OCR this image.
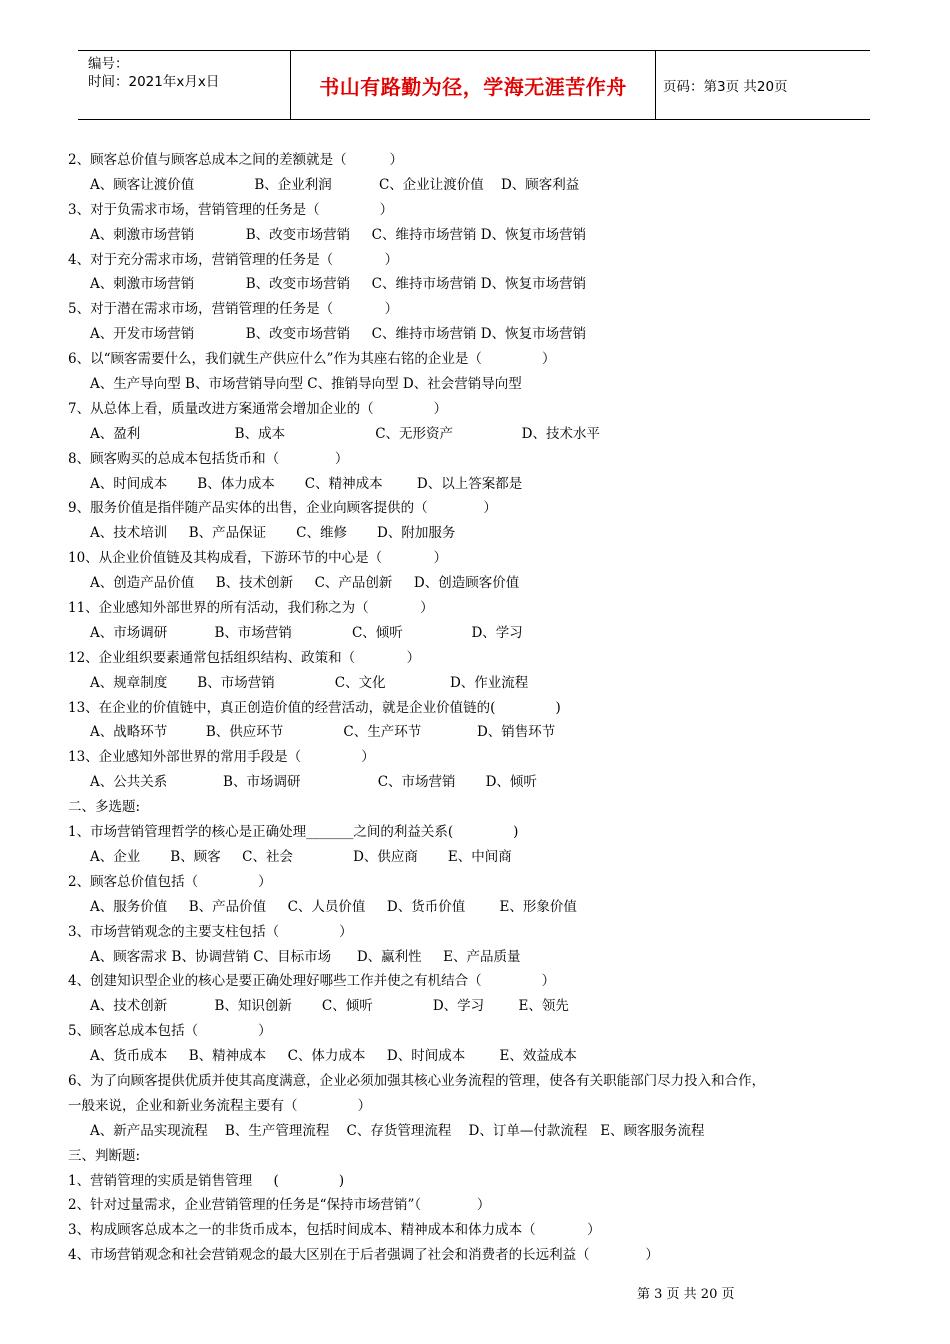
编号：
时间：2021年x月x日	书山有路勤为径，学海无涯苦作舟	页码：第3页 共20页
2、顾客总价值与顾客总成本之间的差额就是（          ）
A、顾客让渡价值              B、企业利润           C、企业让渡价值    D、顾客利益
3、对于负需求市场，营销管理的任务是（              ）
A、刺激市场营销            B、改变市场营销     C、维持市场营销 D、恢复市场营销
4、对于充分需求市场，营销管理的任务是（            ）
A、刺激市场营销            B、改变市场营销     C、维持市场营销 D、恢复市场营销
5、对于潜在需求市场，营销管理的任务是（            ）
A、开发市场营销            B、改变市场营销     C、维持市场营销 D、恢复市场营销
6、以“顾客需要什么，我们就生产供应什么”作为其座右铭的企业是（              ）
A、生产导向型 B、市场营销导向型 C、推销导向型 D、社会营销导向型
7、从总体上看，质量改进方案通常会增加企业的（              ）
A、盈利                      B、成本                     C、无形资产                D、技术水平
8、顾客购买的总成本包括货币和（             ）
A、时间成本       B、体力成本       C、精神成本        D、以上答案都是
9、服务价值是指伴随产品实体的出售，企业向顾客提供的（             ）
A、技术培训     B、产品保证       C、维修       D、附加服务
10、从企业价值链及其构成看，下游环节的中心是（            ）
A、创造产品价值     B、技术创新     C、产品创新     D、创造顾客价值
11、企业感知外部世界的所有活动，我们称之为（            ）
A、市场调研           B、市场营销              C、倾听                D、学习
12、企业组织要素通常包括组织结构、政策和（            ）
A、规章制度       B、市场营销              C、文化               D、作业流程
13、在企业的价值链中，真正创造价值的经营活动，就是企业价值链的(              )
A、战略环节         B、供应环节              C、生产环节             D、销售环节
13、企业感知外部世界的常用手段是（              ）
A、公共关系             B、市场调研                  C、市场营销       D、倾听
二、多选题:
1、市场营销管理哲学的核心是正确处理_______之间的利益关系(              )
A、企业       B、顾客     C、社会              D、供应商       E、中间商
2、顾客总价值包括（              ）
A、服务价值     B、产品价值     C、人员价值     D、货币价值        E、形象价值
3、市场营销观念的主要支柱包括（              ）
A、顾客需求 B、协调营销 C、目标市场      D、赢利性     E、产品质量
4、创建知识型企业的核心是要正确处理好哪些工作并使之有机结合（              ）
A、技术创新           B、知识创新       C、倾听              D、学习        E、领先
5、顾客总成本包括（              ）
A、货币成本     B、精神成本     C、体力成本     D、时间成本        E、效益成本
6、为了向顾客提供优质并使其高度满意，企业必须加强其核心业务流程的管理，使各有关职能部门尽力投入和合作，
一般来说，企业和新业务流程主要有（              ）
A、新产品实现流程    B、生产管理流程    C、存货管理流程    D、订单—付款流程   E、顾客服务流程
三、判断题:
1、营销管理的实质是销售管理     (              )
2、针对过量需求，企业营销管理的任务是“保持市场营销”（             ）
3、构成顾客总成本之一的非货币成本，包括时间成本、精神成本和体力成本（            ）
4、市场营销观念和社会营销观念的最大区别在于后者强调了社会和消费者的长远利益（             ）
第 3 页 共 20 页
